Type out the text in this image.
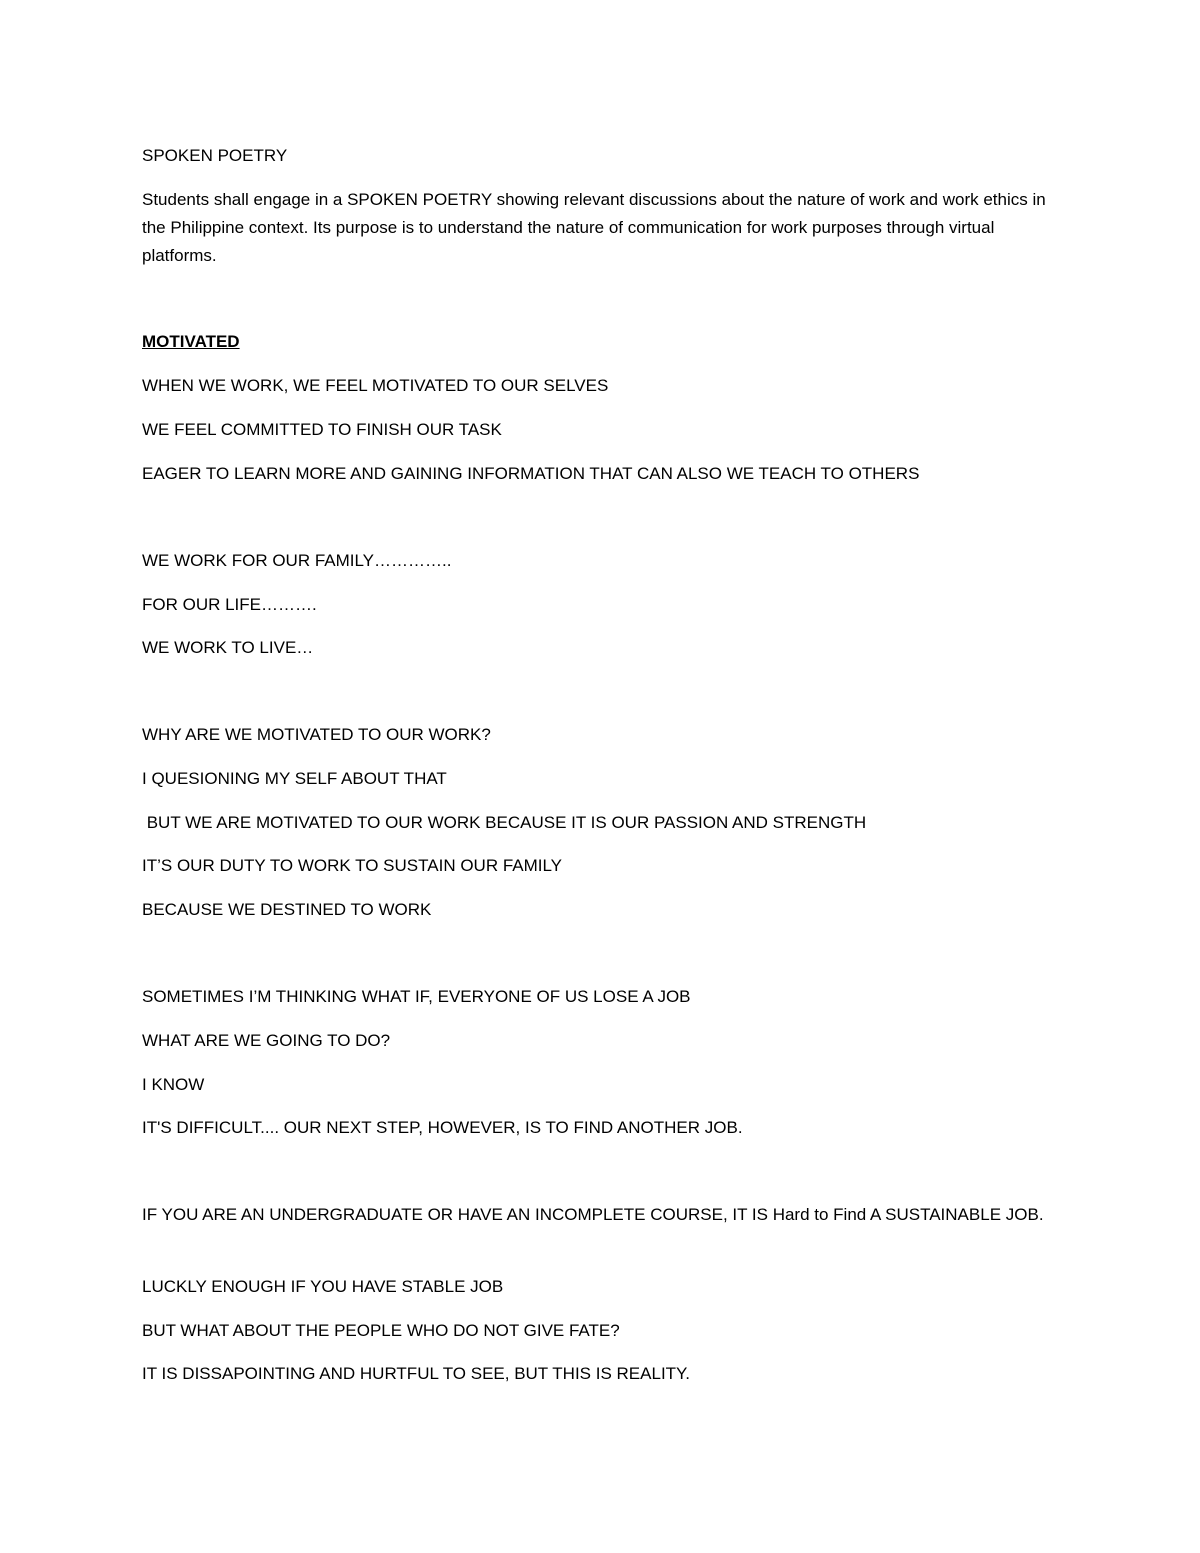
SPOKEN POETRY
Students shall engage in a SPOKEN POETRY showing relevant discussions about the nature of work and work ethics in the Philippine context. Its purpose is to understand the nature of communication for work purposes through virtual platforms.
MOTIVATED
WHEN WE WORK, WE FEEL MOTIVATED TO OUR SELVES
WE FEEL COMMITTED TO FINISH OUR TASK
EAGER TO LEARN MORE AND GAINING INFORMATION THAT CAN ALSO WE TEACH TO OTHERS
WE WORK FOR OUR FAMILY…………..
FOR OUR LIFE……….
WE WORK TO LIVE…
WHY ARE WE MOTIVATED TO OUR WORK?
I QUESIONING MY SELF ABOUT THAT
BUT WE ARE MOTIVATED TO OUR WORK BECAUSE IT IS OUR PASSION AND STRENGTH
IT’S OUR DUTY TO WORK TO SUSTAIN OUR FAMILY
BECAUSE WE DESTINED TO WORK
SOMETIMES I’M THINKING WHAT IF, EVERYONE OF US LOSE A JOB
WHAT ARE WE GOING TO DO?
I KNOW
IT'S DIFFICULT.... OUR NEXT STEP, HOWEVER, IS TO FIND ANOTHER JOB.
IF YOU ARE AN UNDERGRADUATE OR HAVE AN INCOMPLETE COURSE, IT IS Hard to Find A SUSTAINABLE JOB.
LUCKLY ENOUGH IF YOU HAVE STABLE JOB
BUT WHAT ABOUT THE PEOPLE WHO DO NOT GIVE FATE?
IT IS DISSAPOINTING AND HURTFUL TO SEE, BUT THIS IS REALITY.
